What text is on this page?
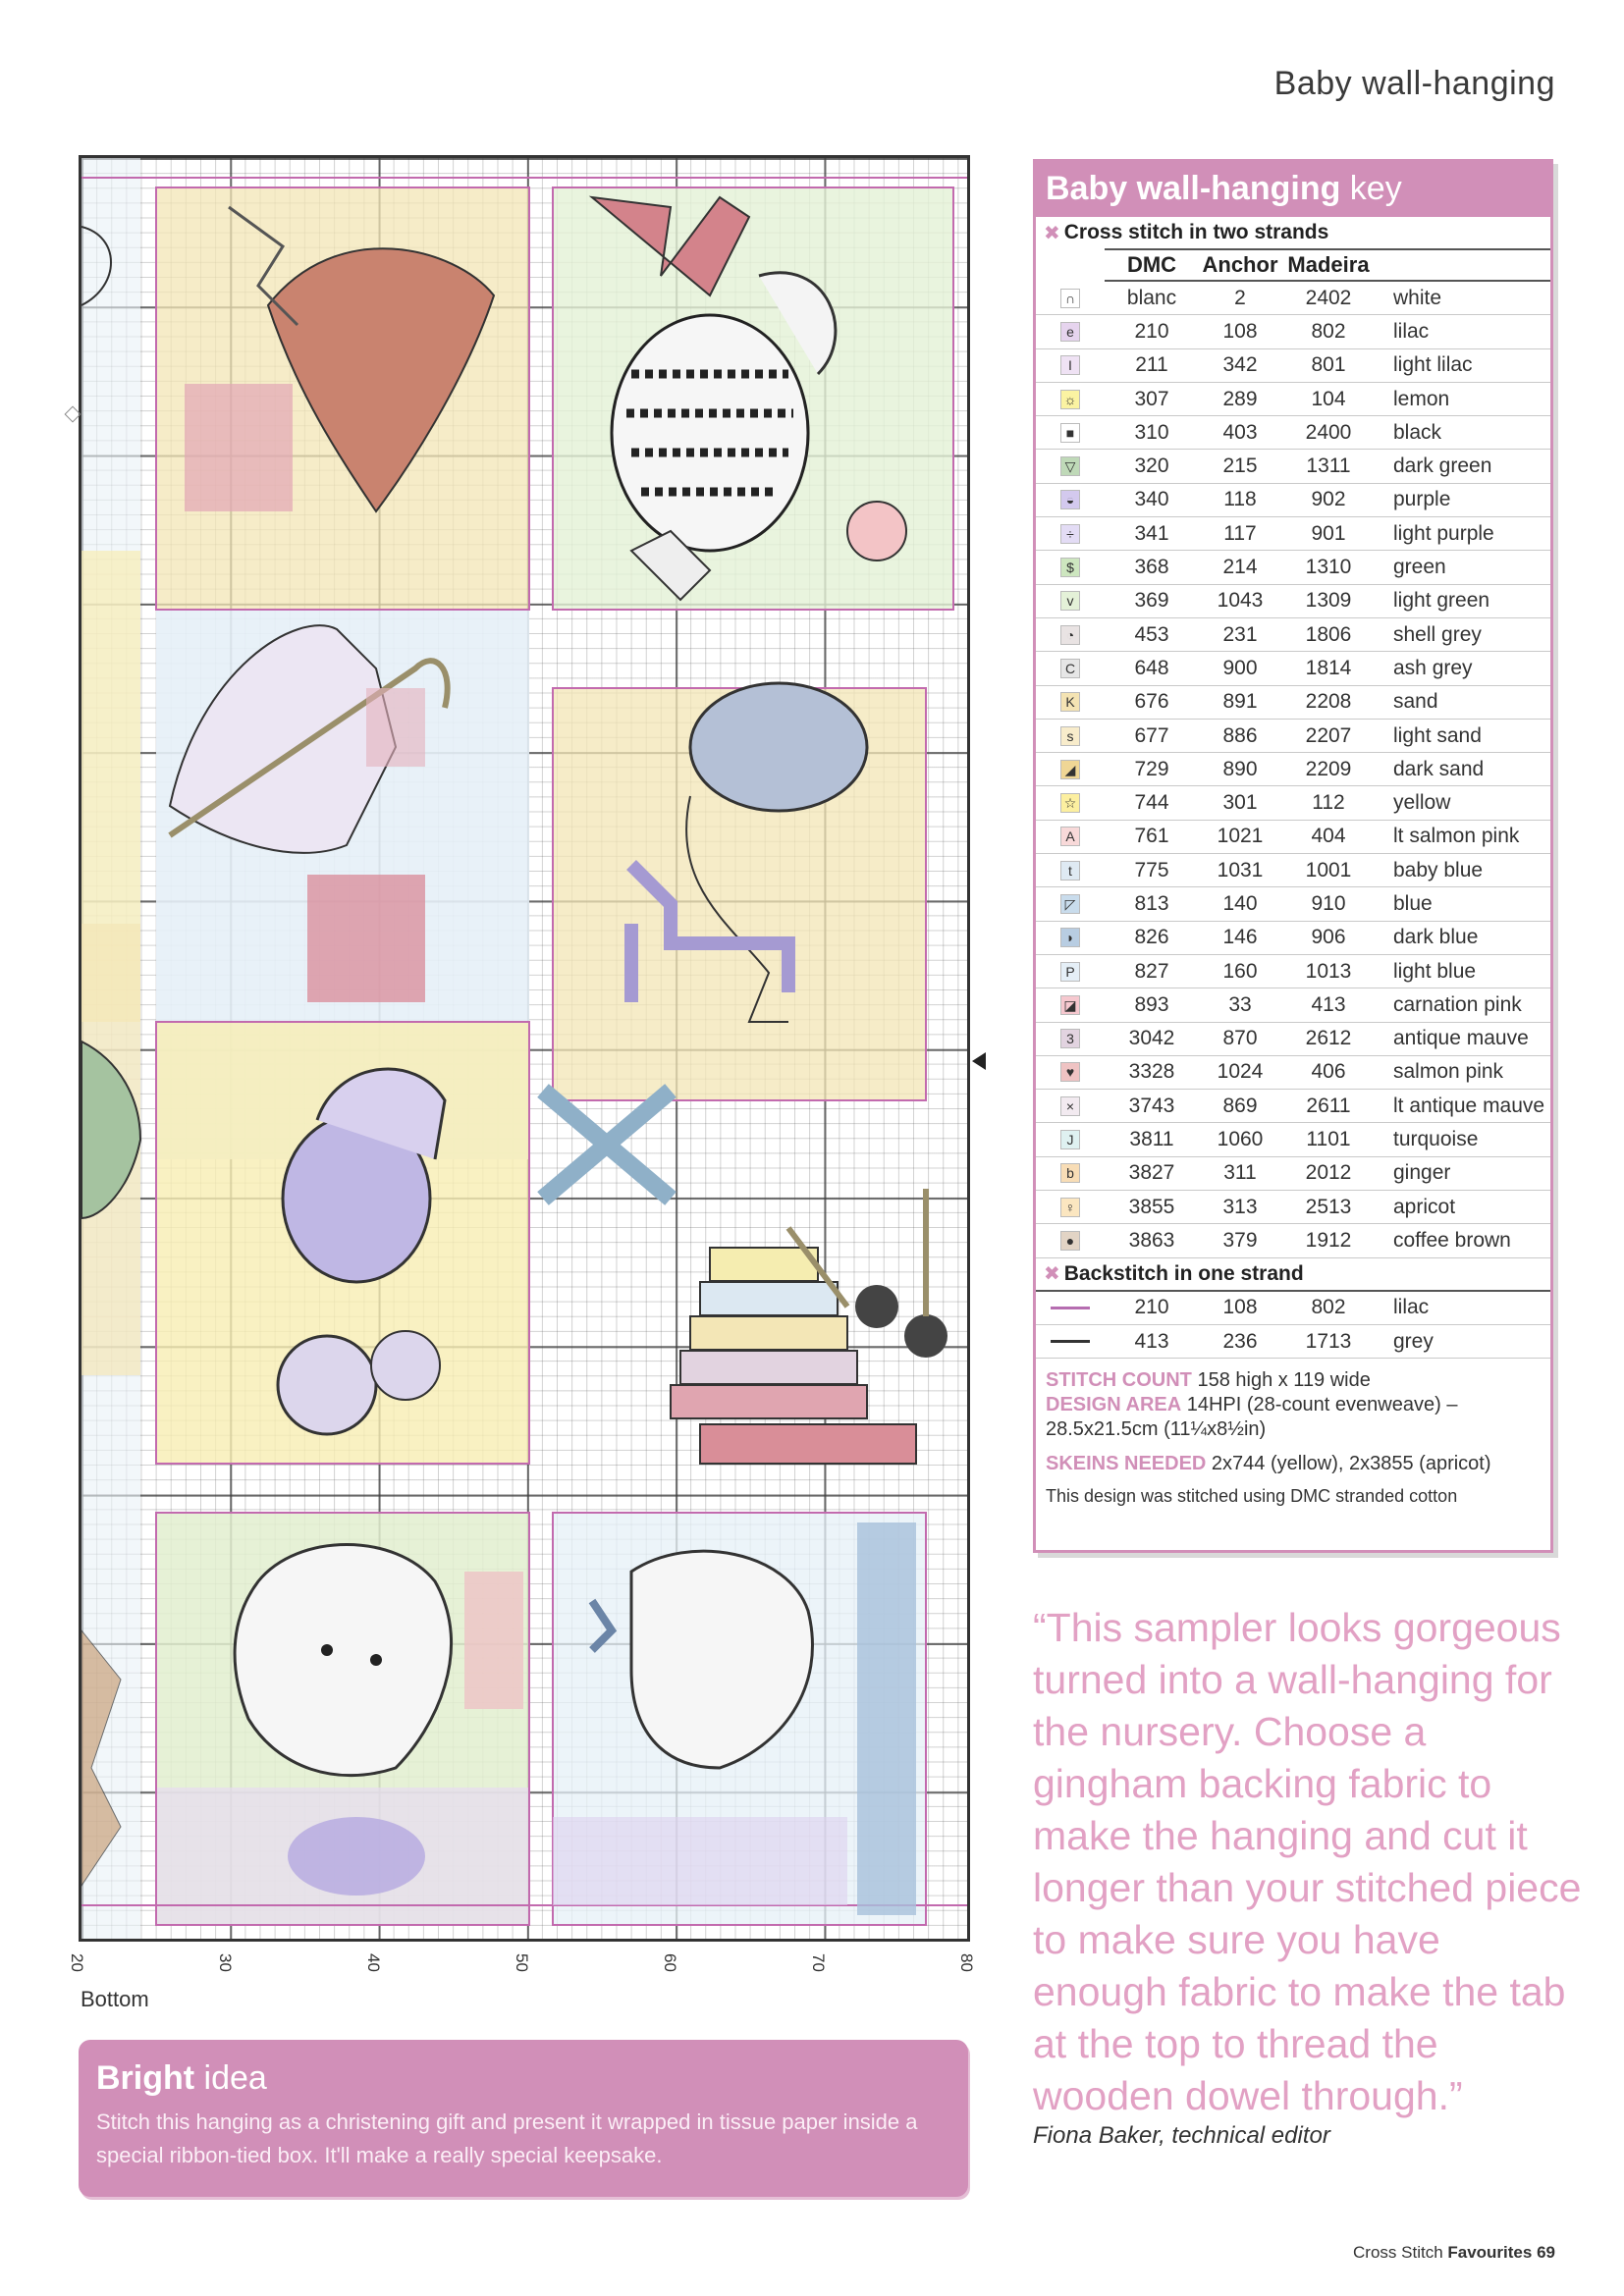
Baby wall-hanging
20	30	40	50	60	70	80
Bottom
Bright idea
Stitch this hanging as a christening gift and present it wrapped in tissue paper inside a special ribbon-tied box. It'll make a really special keepsake.
Baby wall-hanging key
✖ Cross stitch in two strands
DMC	Anchor Madeira
∩	blanc	2	2402	white
e	210	108	802	lilac
I	211	342	801	light lilac
☼	307	289	104	lemon
■	310	403	2400	black
▽	320	215	1311	dark green
◒	340	118	902	purple
÷	341	117	901	light purple
$	368	214	1310	green
v	369	1043	1309	light green
◔	453	231	1806	shell grey
C	648	900	1814	ash grey
K	676	891	2208	sand
s	677	886	2207	light sand
◢	729	890	2209	dark sand
☆	744	301	112	yellow
A	761	1021	404	lt salmon pink
t	775	1031	1001	baby blue
◸	813	140	910	blue
◗	826	146	906	dark blue
P	827	160	1013	light blue
◪	893	33	413	carnation pink
3	3042	870	2612	antique mauve
♥	3328	1024	406	salmon pink
×	3743	869	2611	lt antique mauve
J	3811	1060	1101	turquoise
b	3827	311	2012	ginger
♀	3855	313	2513	apricot
●	3863	379	1912	coffee brown
✖ Backstitch in one strand
210	108	802	lilac
413	236	1713	grey
STITCH COUNT 158 high x 119 wide
DESIGN AREA 14HPI (28-count evenweave) – 28.5x21.5cm (11¼x8½in)
SKEINS NEEDED 2x744 (yellow), 2x3855 (apricot)
This design was stitched using DMC stranded cotton
“This sampler looks gorgeous turned into a wall-hanging for the nursery. Choose a gingham backing fabric to make the hanging and cut it longer than your stitched piece to make sure you have enough fabric to make the tab at the top to thread the wooden dowel through.”
Fiona Baker, technical editor
Cross Stitch Favourites 69
